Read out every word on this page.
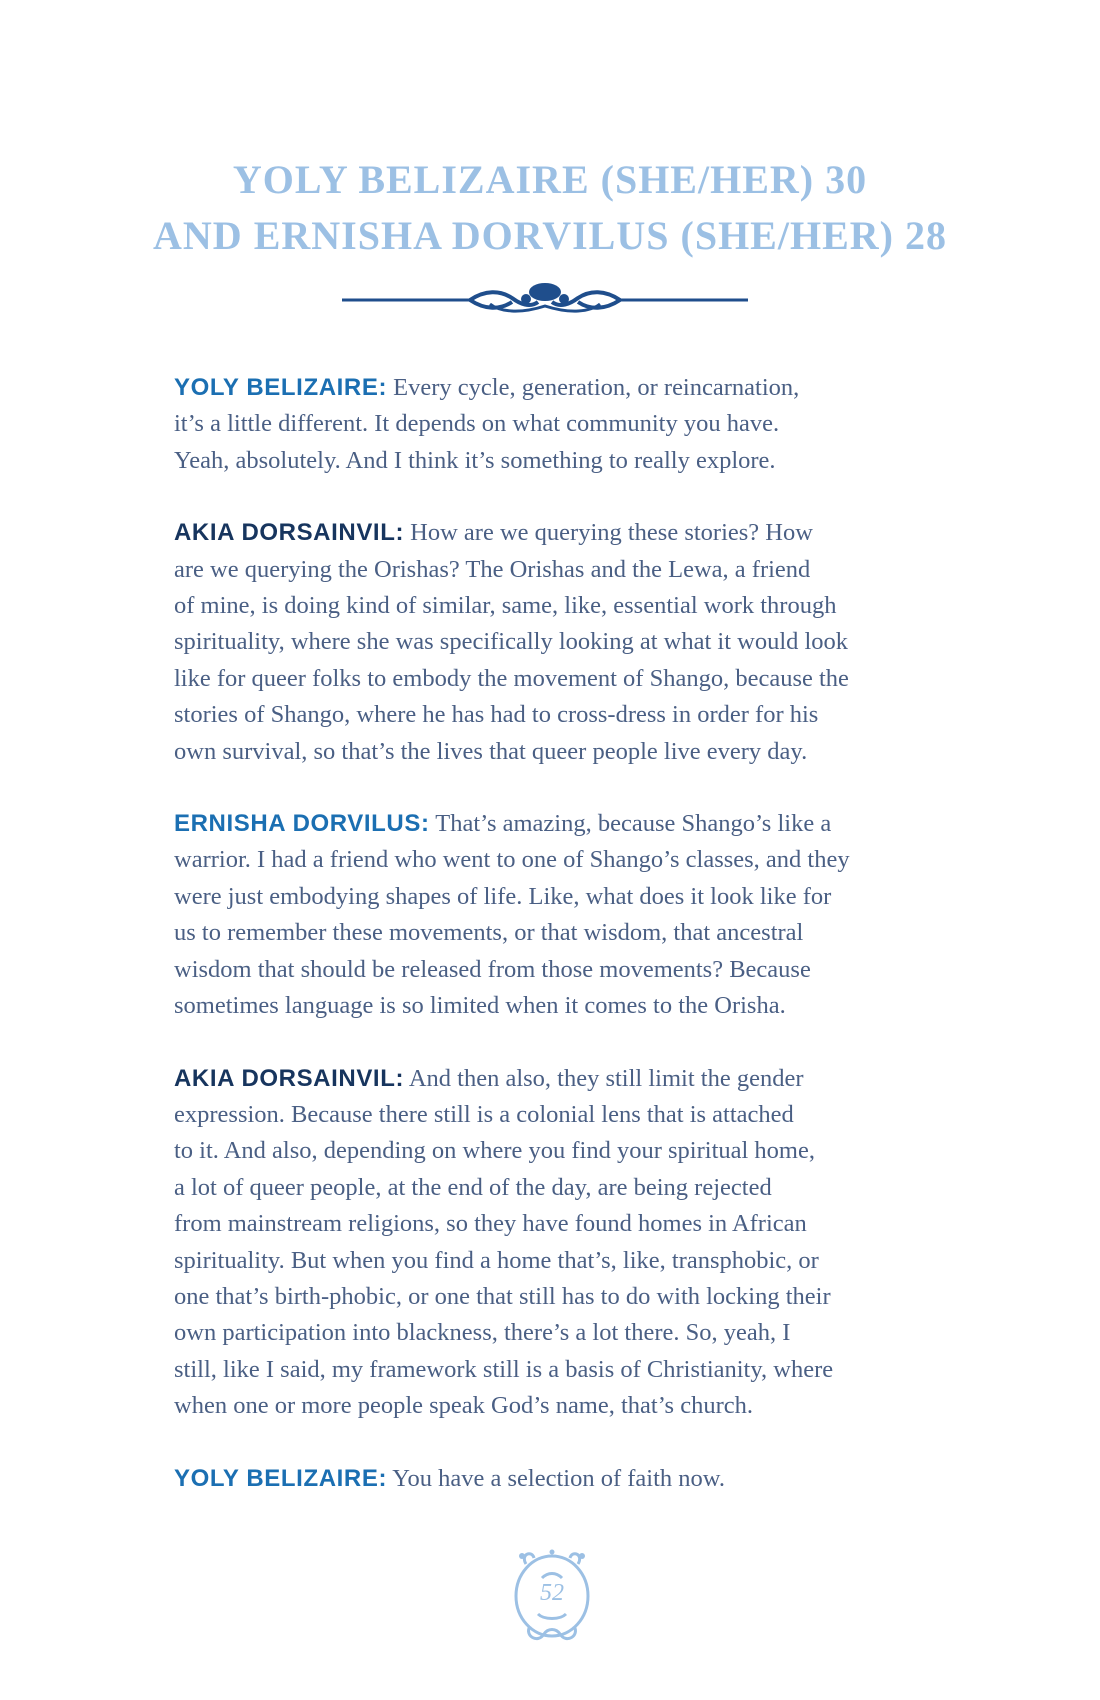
YOLY BELIZAIRE (SHE/HER) 30
AND ERNISHA DORVILUS (SHE/HER) 28

YOLY BELIZAIRE: Every cycle, generation, or reincarnation,
it’s a little different. It depends on what community you have.
Yeah, absolutely. And I think it’s something to really explore.

AKIA DORSAINVIL: How are we querying these stories? How
are we querying the Orishas? The Orishas and the Lewa, a friend
of mine, is doing kind of similar, same, like, essential work through
spirituality, where she was specifically looking at what it would look
like for queer folks to embody the movement of Shango, because the
stories of Shango, where he has had to cross-dress in order for his
own survival, so that’s the lives that queer people live every day.

ERNISHA DORVILUS: That’s amazing, because Shango’s like a
warrior. I had a friend who went to one of Shango’s classes, and they
were just embodying shapes of life. Like, what does it look like for
us to remember these movements, or that wisdom, that ancestral
wisdom that should be released from those movements? Because
sometimes language is so limited when it comes to the Orisha.

AKIA DORSAINVIL: And then also, they still limit the gender
expression. Because there still is a colonial lens that is attached
to it. And also, depending on where you find your spiritual home,
a lot of queer people, at the end of the day, are being rejected
from mainstream religions, so they have found homes in African
spirituality. But when you find a home that’s, like, transphobic, or
one that’s birth-phobic, or one that still has to do with locking their
own participation into blackness, there’s a lot there. So, yeah, I
still, like I said, my framework still is a basis of Christianity, where
when one or more people speak God’s name, that’s church.

YOLY BELIZAIRE: You have a selection of faith now.

52
